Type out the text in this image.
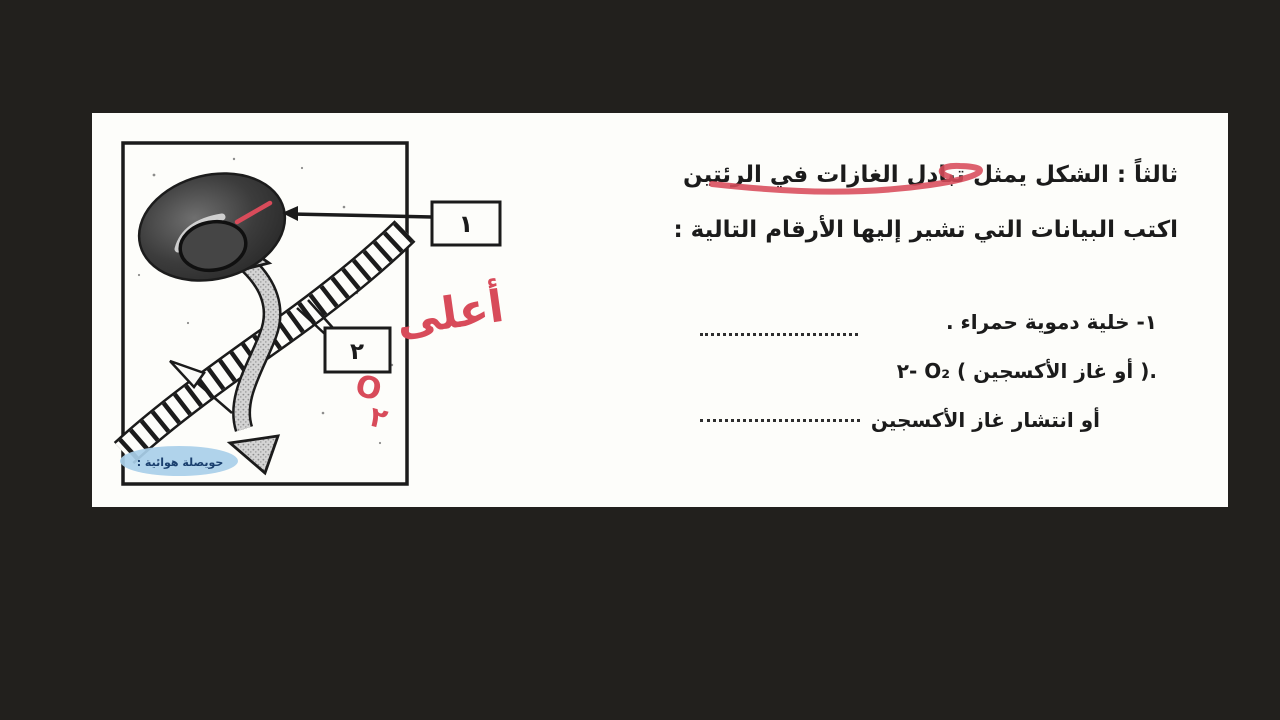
١
٢
أعلى
O
٢
حويصلة هوائية :
ثالثاً : الشكل يمثل تبادل الغازات في الرئتين
اكتب البيانات التي تشير إليها الأرقام التالية :
١- خلية دموية حمراء .
٢- O₂ ( أو غاز الأكسجين ).
أو انتشار غاز الأكسجين
